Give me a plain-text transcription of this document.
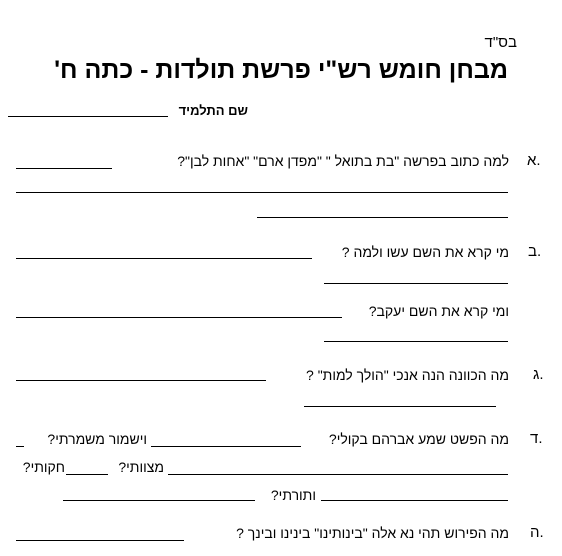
בס"ד
מבחן חומש רש"י פרשת תולדות - כתה ח'
שם התלמיד
א.
למה כתוב בפרשה "בת בתואל " "מפדן ארם" "אחות לבן"?
ב.
מי קרא את השם עשו ולמה ?
ומי קרא את השם יעקב?
ג.
מה הכוונה הנה אנכי "הולך למות" ?
ד.
מה הפשט שמע אברהם בקולי?
וישמור משמרתי?
מצוותי?
חקותי?
ותורתי?
ה.
מה הפירוש תהי נא אלה "בינותינו" בינינו ובינך ?
